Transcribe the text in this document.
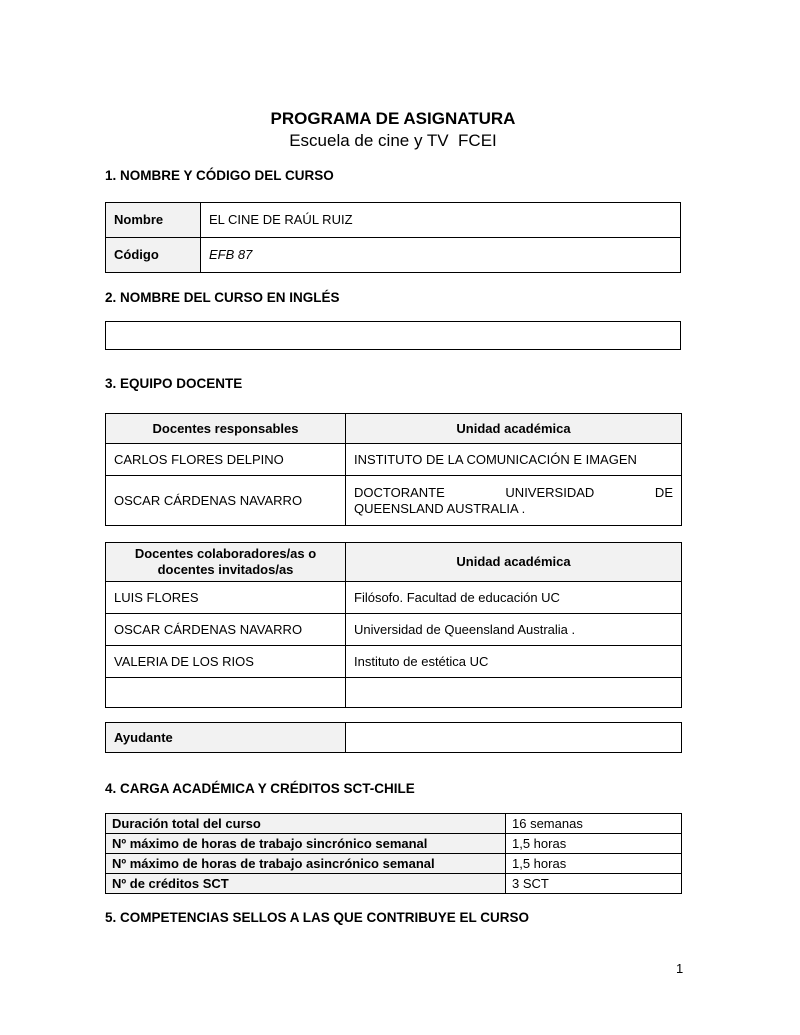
PROGRAMA DE ASIGNATURA
Escuela de cine y TV  FCEI
1. NOMBRE Y CÓDIGO DEL CURSO
Nombre	EL CINE DE RAÚL RUIZ
Código	EFB 87
2. NOMBRE DEL CURSO EN INGLÉS
3. EQUIPO DOCENTE
Docentes responsables	Unidad académica
CARLOS FLORES DELPINO	INSTITUTO DE LA COMUNICACIÓN E IMAGEN
OSCAR CÁRDENAS NAVARRO	DOCTORANTE UNIVERSIDAD DE
QUEENSLAND AUSTRALIA .
Docentes colaboradores/as o docentes invitados/as	Unidad académica
LUIS FLORES	Filósofo. Facultad de educación UC
OSCAR CÁRDENAS NAVARRO	Universidad de Queensland Australia .
VALERIA DE LOS RIOS	Instituto de estética UC

Ayudante	
4. CARGA ACADÉMICA Y CRÉDITOS SCT-CHILE
Duración total del curso	16 semanas
Nº máximo de horas de trabajo sincrónico semanal	1,5 horas
Nº máximo de horas de trabajo asincrónico semanal	1,5 horas
Nº de créditos SCT	3 SCT
5. COMPETENCIAS SELLOS A LAS QUE CONTRIBUYE EL CURSO
1
